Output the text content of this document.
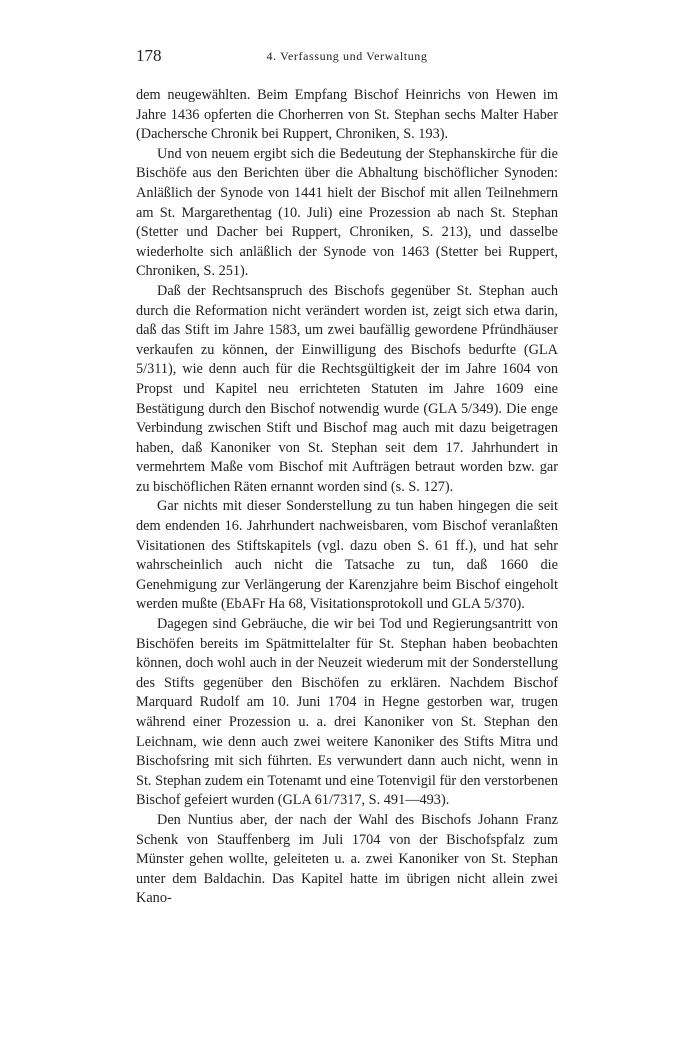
178	4. Verfassung und Verwaltung

dem neugewählten. Beim Empfang Bischof Heinrichs von Hewen im Jahre 1436 opferten die Chorherren von St. Stephan sechs Malter Haber (Dachersche Chronik bei Ruppert, Chroniken, S. 193).

Und von neuem ergibt sich die Bedeutung der Stephanskirche für die Bischöfe aus den Berichten über die Abhaltung bischöflicher Synoden: Anläßlich der Synode von 1441 hielt der Bischof mit allen Teilnehmern am St. Margarethentag (10. Juli) eine Prozession ab nach St. Stephan (Stetter und Dacher bei Ruppert, Chroniken, S. 213), und dasselbe wiederholte sich anläßlich der Synode von 1463 (Stetter bei Ruppert, Chroniken, S. 251).

Daß der Rechtsanspruch des Bischofs gegenüber St. Stephan auch durch die Reformation nicht verändert worden ist, zeigt sich etwa darin, daß das Stift im Jahre 1583, um zwei baufällig gewordene Pfründhäuser verkaufen zu können, der Einwilligung des Bischofs bedurfte (GLA 5/311), wie denn auch für die Rechtsgültigkeit der im Jahre 1604 von Propst und Kapitel neu errichteten Statuten im Jahre 1609 eine Bestätigung durch den Bischof notwendig wurde (GLA 5/349). Die enge Verbindung zwischen Stift und Bischof mag auch mit dazu beigetragen haben, daß Kanoniker von St. Stephan seit dem 17. Jahrhundert in vermehrtem Maße vom Bischof mit Aufträgen betraut worden bzw. gar zu bischöflichen Räten ernannt worden sind (s. S. 127).

Gar nichts mit dieser Sonderstellung zu tun haben hingegen die seit dem endenden 16. Jahrhundert nachweisbaren, vom Bischof veranlaßten Visitationen des Stiftskapitels (vgl. dazu oben S. 61 ff.), und hat sehr wahrscheinlich auch nicht die Tatsache zu tun, daß 1660 die Genehmigung zur Verlängerung der Karenzjahre beim Bischof eingeholt werden mußte (EbAFr Ha 68, Visitationsprotokoll und GLA 5/370).

Dagegen sind Gebräuche, die wir bei Tod und Regierungsantritt von Bischöfen bereits im Spätmittelalter für St. Stephan haben beobachten können, doch wohl auch in der Neuzeit wiederum mit der Sonderstellung des Stifts gegenüber den Bischöfen zu erklären. Nachdem Bischof Marquard Rudolf am 10. Juni 1704 in Hegne gestorben war, trugen während einer Prozession u. a. drei Kanoniker von St. Stephan den Leichnam, wie denn auch zwei weitere Kanoniker des Stifts Mitra und Bischofsring mit sich führten. Es verwundert dann auch nicht, wenn in St. Stephan zudem ein Totenamt und eine Totenvigil für den verstorbenen Bischof gefeiert wurden (GLA 61/7317, S. 491—493).

Den Nuntius aber, der nach der Wahl des Bischofs Johann Franz Schenk von Stauffenberg im Juli 1704 von der Bischofspfalz zum Münster gehen wollte, geleiteten u. a. zwei Kanoniker von St. Stephan unter dem Baldachin. Das Kapitel hatte im übrigen nicht allein zwei Kano-
